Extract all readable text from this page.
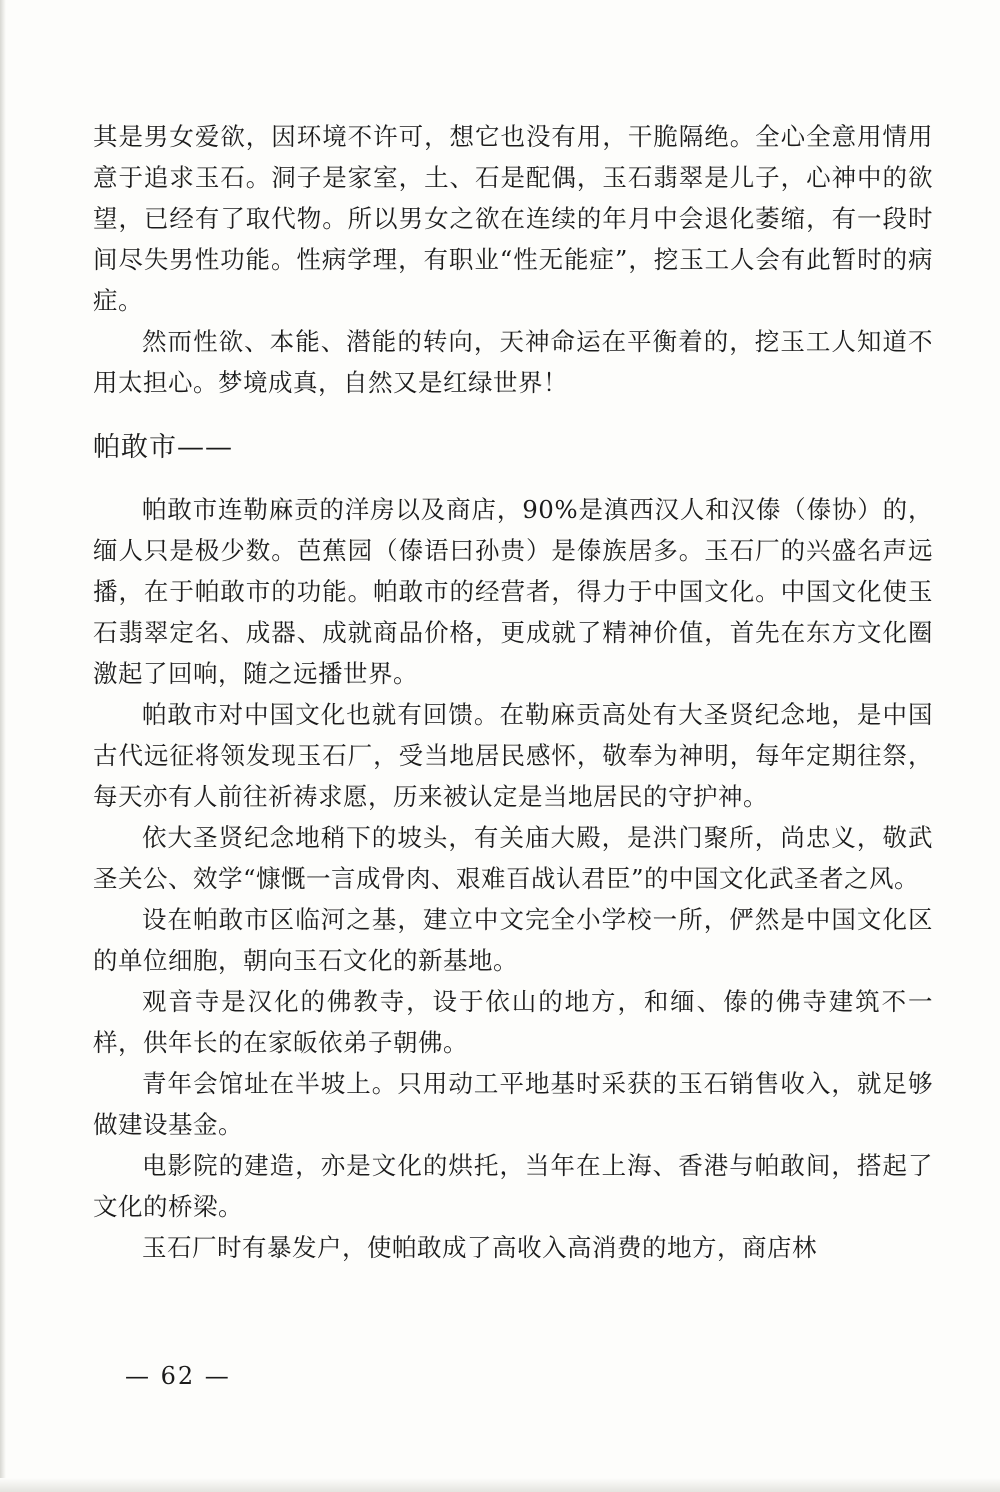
其是男女爱欲，因环境不许可，想它也没有用，干脆隔绝。全心全意用情用意于追求玉石。洞子是家室，土、石是配偶，玉石翡翠是儿子，心神中的欲望，已经有了取代物。所以男女之欲在连续的年月中会退化萎缩，有一段时间尽失男性功能。性病学理，有职业“性无能症”，挖玉工人会有此暂时的病症。

然而性欲、本能、潜能的转向，天神命运在平衡着的，挖玉工人知道不用太担心。梦境成真，自然又是红绿世界！

帕敢市——

帕敢市连勒麻贡的洋房以及商店，90%是滇西汉人和汉傣（傣协）的，缅人只是极少数。芭蕉园（傣语曰孙贵）是傣族居多。玉石厂的兴盛名声远播，在于帕敢市的功能。帕敢市的经营者，得力于中国文化。中国文化使玉石翡翠定名、成器、成就商品价格，更成就了精神价值，首先在东方文化圈激起了回响，随之远播世界。

帕敢市对中国文化也就有回馈。在勒麻贡高处有大圣贤纪念地，是中国古代远征将领发现玉石厂，受当地居民感怀，敬奉为神明，每年定期往祭，每天亦有人前往祈祷求愿，历来被认定是当地居民的守护神。

依大圣贤纪念地稍下的坡头，有关庙大殿，是洪门聚所，尚忠义，敬武圣关公、效学“慷慨一言成骨肉、艰难百战认君臣”的中国文化武圣者之风。

设在帕敢市区临河之基，建立中文完全小学校一所，俨然是中国文化区的单位细胞，朝向玉石文化的新基地。

观音寺是汉化的佛教寺，设于依山的地方，和缅、傣的佛寺建筑不一样，供年长的在家皈依弟子朝佛。

青年会馆址在半坡上。只用动工平地基时采获的玉石销售收入，就足够做建设基金。

电影院的建造，亦是文化的烘托，当年在上海、香港与帕敢间，搭起了文化的桥梁。

玉石厂时有暴发户，使帕敢成了高收入高消费的地方，商店林

— 62 —
